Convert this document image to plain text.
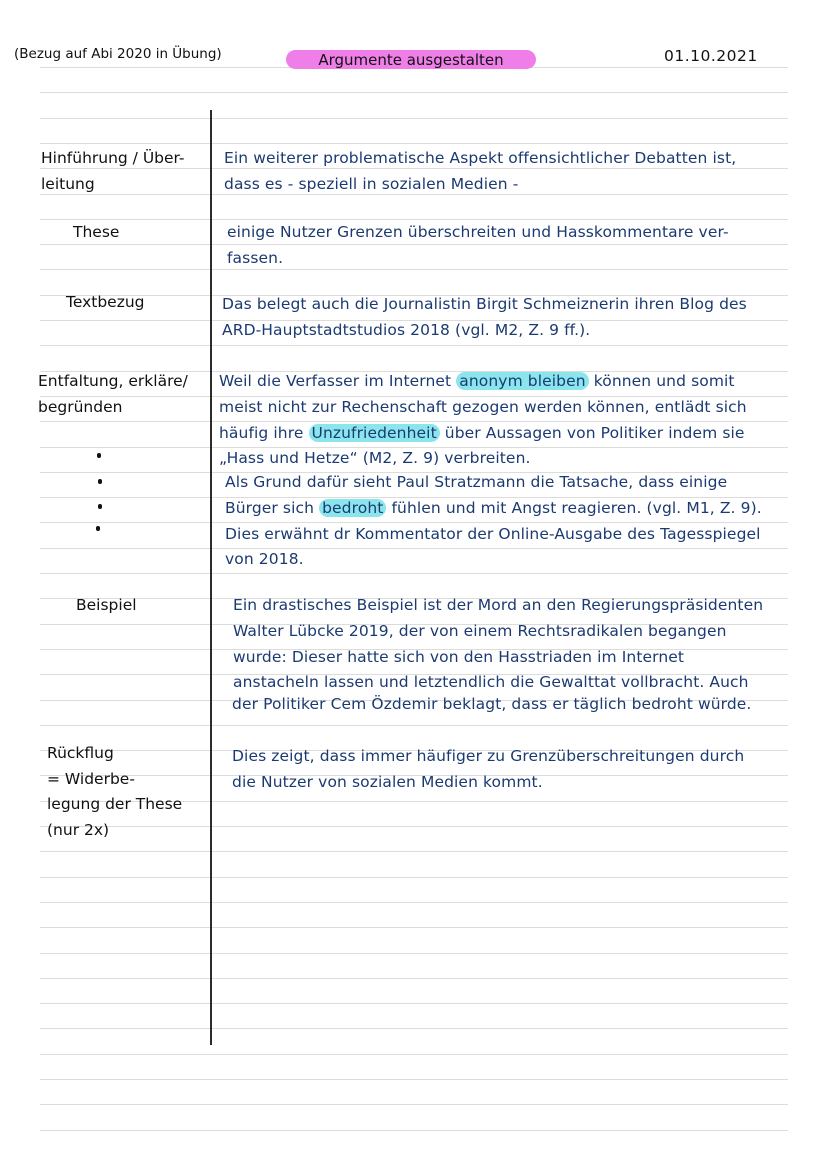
(Bezug auf Abi 2020 in Übung)	Argumente ausgestalten	01.10.2021
Hinführung / Über-
leitung
These
Textbezug
Entfaltung, erkläre/
begründen
Beispiel
Rückflug
= Widerbe-
legung der These
(nur 2x)
Ein weiterer problematische Aspekt offensichtlicher Debatten ist,
dass es - speziell in sozialen Medien -
einige Nutzer Grenzen überschreiten und Hasskommentare ver-
fassen.
Das belegt auch die Journalistin Birgit Schmeiznerin ihren Blog des
ARD-Hauptstadtstudios 2018 (vgl. M2, Z. 9 ff.).
Weil die Verfasser im Internet anonym bleiben können und somit
meist nicht zur Rechenschaft gezogen werden können, entlädt sich
häufig ihre Unzufriedenheit über Aussagen von Politiker indem sie
„Hass und Hetze“ (M2, Z. 9) verbreiten.
Als Grund dafür sieht Paul Stratzmann die Tatsache, dass einige
Bürger sich bedroht fühlen und mit Angst reagieren. (vgl. M1, Z. 9).
Dies erwähnt dr Kommentator der Online-Ausgabe des Tagesspiegel
von 2018.
Ein drastisches Beispiel ist der Mord an den Regierungspräsidenten
Walter Lübcke 2019, der von einem Rechtsradikalen begangen
wurde: Dieser hatte sich von den Hasstriaden im Internet
anstacheln lassen und letztendlich die Gewalttat vollbracht. Auch
der Politiker Cem Özdemir beklagt, dass er täglich bedroht würde.
Dies zeigt, dass immer häufiger zu Grenzüberschreitungen durch
die Nutzer von sozialen Medien kommt.
